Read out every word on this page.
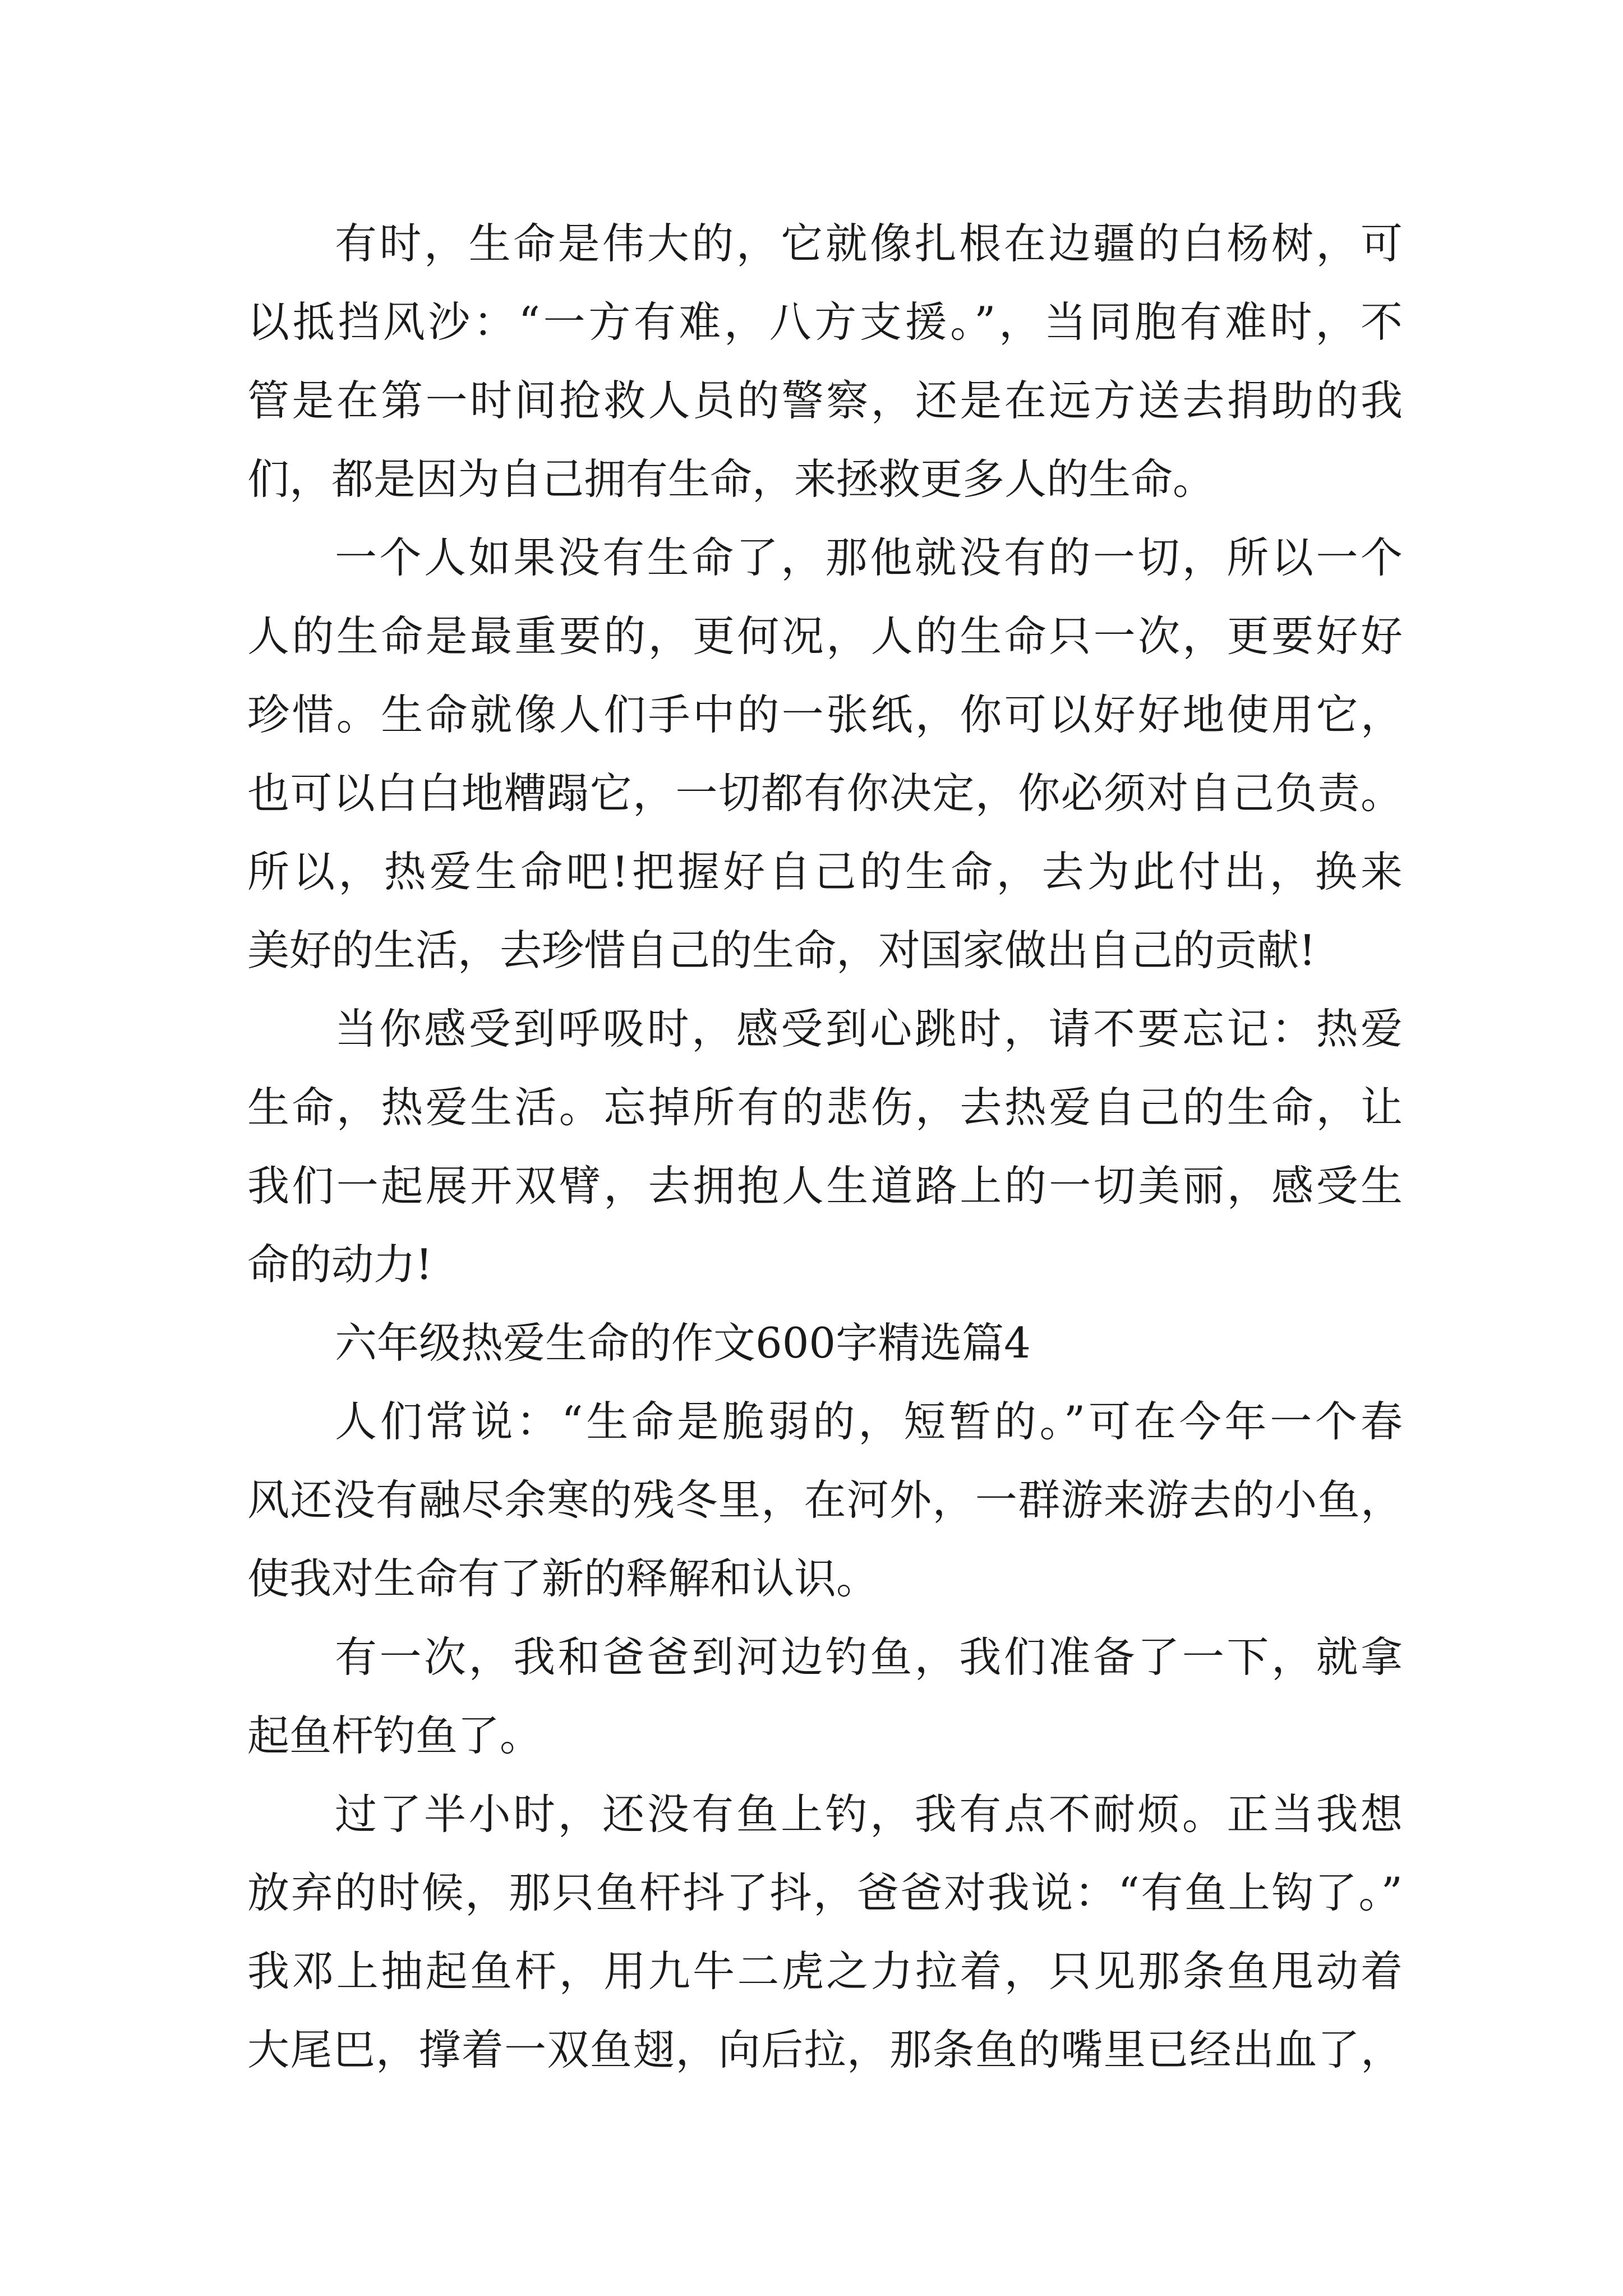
有时，生命是伟大的，它就像扎根在边疆的白杨树，可
以抵挡风沙：“一方有难，八方支援。”，当同胞有难时，不
管是在第一时间抢救人员的警察，还是在远方送去捐助的我
们，都是因为自己拥有生命，来拯救更多人的生命。
一个人如果没有生命了，那他就没有的一切，所以一个
人的生命是最重要的，更何况，人的生命只一次，更要好好
珍惜。生命就像人们手中的一张纸，你可以好好地使用它，
也可以白白地糟蹋它，一切都有你决定，你必须对自己负责。
所以，热爱生命吧!把握好自己的生命，去为此付出，换来
美好的生活，去珍惜自己的生命，对国家做出自己的贡献!
当你感受到呼吸时，感受到心跳时，请不要忘记：热爱
生命，热爱生活。忘掉所有的悲伤，去热爱自己的生命，让
我们一起展开双臂，去拥抱人生道路上的一切美丽，感受生
命的动力!
六年级热爱生命的作文600字精选篇4
人们常说：“生命是脆弱的，短暂的。”可在今年一个春
风还没有融尽余寒的残冬里，在河外，一群游来游去的小鱼，
使我对生命有了新的释解和认识。
有一次，我和爸爸到河边钓鱼，我们准备了一下，就拿
起鱼杆钓鱼了。
过了半小时，还没有鱼上钓，我有点不耐烦。正当我想
放弃的时候，那只鱼杆抖了抖，爸爸对我说：“有鱼上钩了。”
我邓上抽起鱼杆，用九牛二虎之力拉着，只见那条鱼甩动着
大尾巴，撑着一双鱼翅，向后拉，那条鱼的嘴里已经出血了，
